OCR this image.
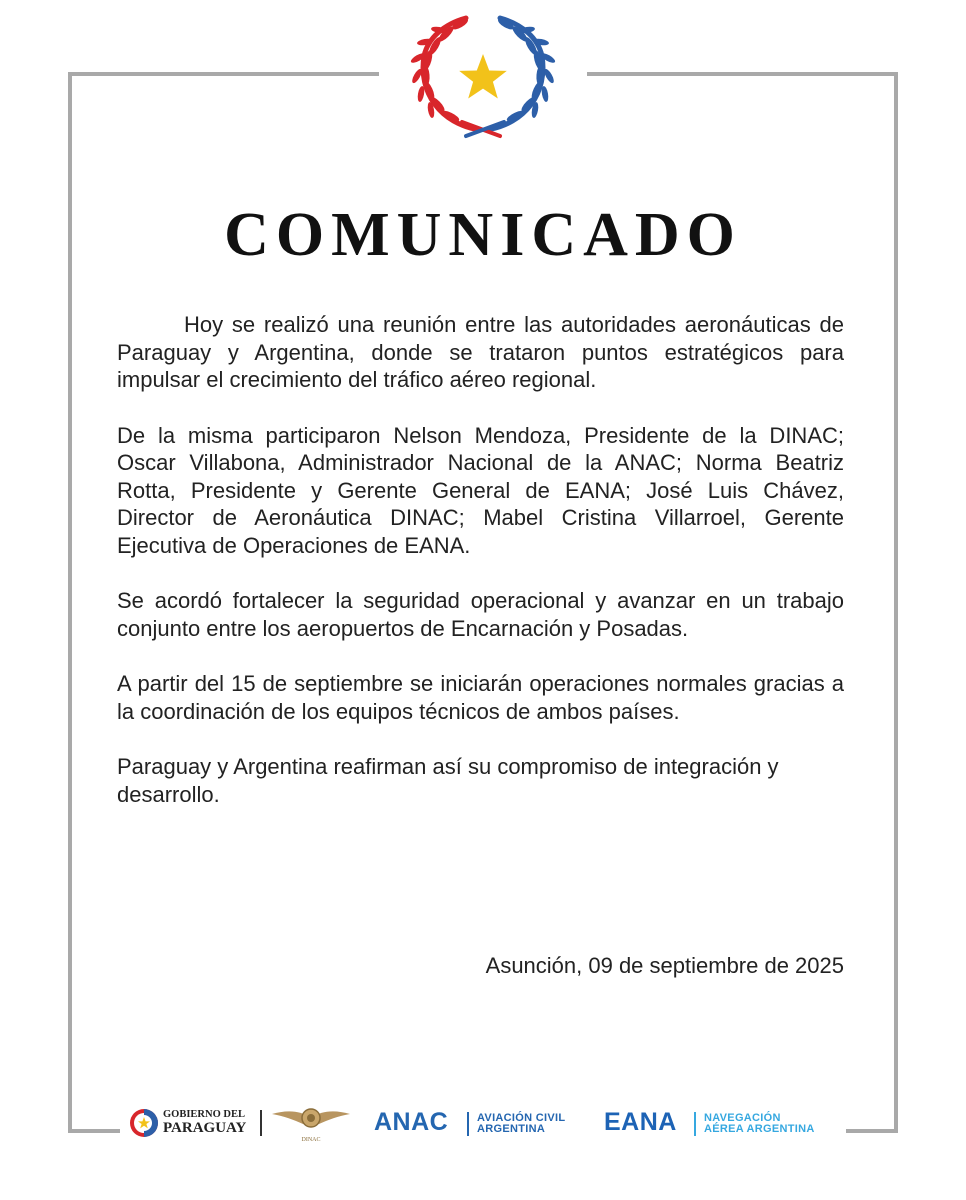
COMUNICADO

Hoy se realizó una reunión entre las autoridades aeronáuticas de Paraguay y Argentina, donde se trataron puntos estratégicos para impulsar el crecimiento del tráfico aéreo regional.

De la misma participaron Nelson Mendoza, Presidente de la DINAC; Oscar Villabona, Administrador Nacional de la ANAC; Norma Beatriz Rotta, Presidente y Gerente General de EANA; José Luis Chávez, Director de Aeronáutica DINAC; Mabel Cristina Villarroel, Gerente Ejecutiva de Operaciones de EANA.

Se acordó fortalecer la seguridad operacional y avanzar en un trabajo conjunto entre los aeropuertos de Encarnación y Posadas.

A partir del 15 de septiembre se iniciarán operaciones normales gracias a la coordinación de los equipos técnicos de ambos países.

Paraguay y Argentina reafirman así su compromiso de integración y desarrollo.

Asunción, 09 de septiembre de 2025
GOBIERNO DEL
PARAGUAY
DINAC
ANAC	AVIACIÓN CIVIL
ARGENTINA EANA NAVEGACIÓN
AÉREA ARGENTINA
